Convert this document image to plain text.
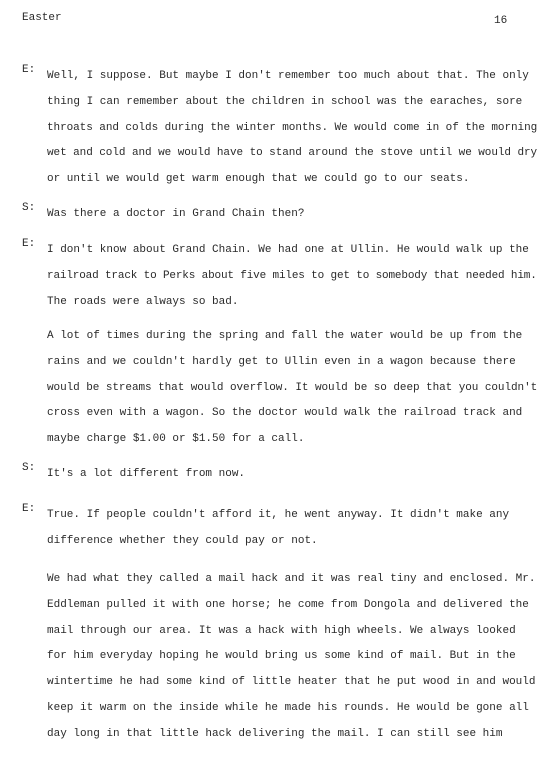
Easter	16
E: Well, I suppose. But maybe I don't remember too much about that. The only
thing I can remember about the children in school was the earaches, sore
throats and colds during the winter months. We would come in of the morning
wet and cold and we would have to stand around the stove until we would dry
or until we would get warm enough that we could go to our seats.
S: Was there a doctor in Grand Chain then?
E: I don't know about Grand Chain. We had one at Ullin. He would walk up the
railroad track to Perks about five miles to get to somebody that needed him.
The roads were always so bad.
A lot of times during the spring and fall the water would be up from the
rains and we couldn't hardly get to Ullin even in a wagon because there
would be streams that would overflow. It would be so deep that you couldn't
cross even with a wagon. So the doctor would walk the railroad track and
maybe charge $1.00 or $1.50 for a call.
S: It's a lot different from now.
E: True. If people couldn't afford it, he went anyway. It didn't make any
difference whether they could pay or not.
We had what they called a mail hack and it was real tiny and enclosed. Mr.
Eddleman pulled it with one horse; he come from Dongola and delivered the
mail through our area. It was a hack with high wheels. We always looked
for him everyday hoping he would bring us some kind of mail. But in the
wintertime he had some kind of little heater that he put wood in and would
keep it warm on the inside while he made his rounds. He would be gone all
day long in that little hack delivering the mail. I can still see him
